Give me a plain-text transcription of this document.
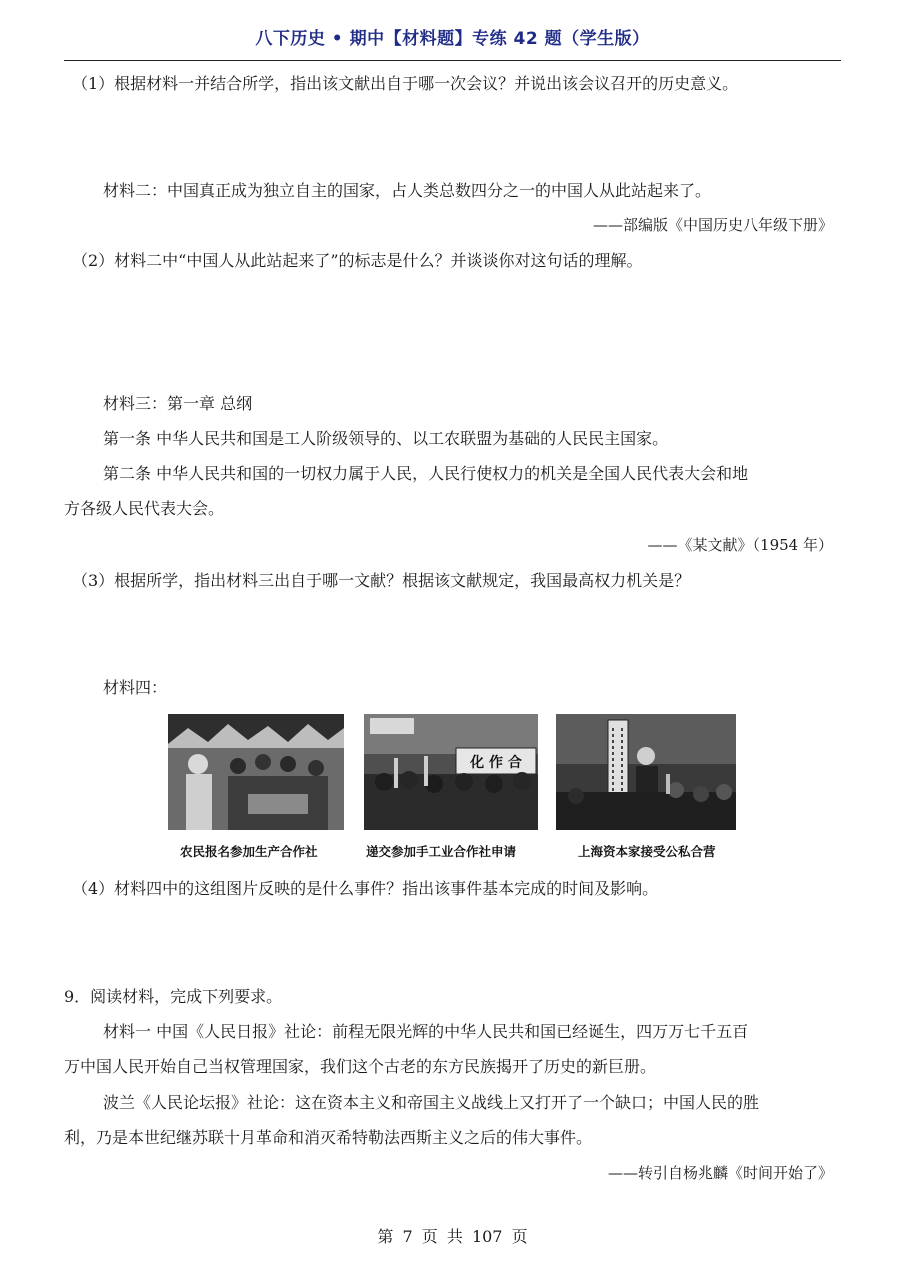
八下历史 • 期中【材料题】专练 42 题（学生版）
（1）根据材料一并结合所学，指出该文献出自于哪一次会议？并说出该会议召开的历史意义。
材料二：中国真正成为独立自主的国家，占人类总数四分之一的中国人从此站起来了。
——部编版《中国历史八年级下册》
（2）材料二中“中国人从此站起来了”的标志是什么？并谈谈你对这句话的理解。
材料三：第一章 总纲
第一条 中华人民共和国是工人阶级领导的、以工农联盟为基础的人民民主国家。
第二条 中华人民共和国的一切权力属于人民，人民行使权力的机关是全国人民代表大会和地
方各级人民代表大会。
——《某文献》（1954 年）
（3）根据所学，指出材料三出自于哪一文献？根据该文献规定，我国最高权力机关是？
材料四：
化 作 合
农民报名参加生产合作社	递交参加手工业合作社申请	上海资本家接受公私合营
（4）材料四中的这组图片反映的是什么事件？指出该事件基本完成的时间及影响。
9．阅读材料，完成下列要求。
材料一 中国《人民日报》社论：前程无限光辉的中华人民共和国已经诞生，四万万七千五百
万中国人民开始自己当权管理国家，我们这个古老的东方民族揭开了历史的新巨册。
波兰《人民论坛报》社论：这在资本主义和帝国主义战线上又打开了一个缺口；中国人民的胜
利，乃是本世纪继苏联十月革命和消灭希特勒法西斯主义之后的伟大事件。
——转引自杨兆麟《时间开始了》
第 7 页 共 107 页
